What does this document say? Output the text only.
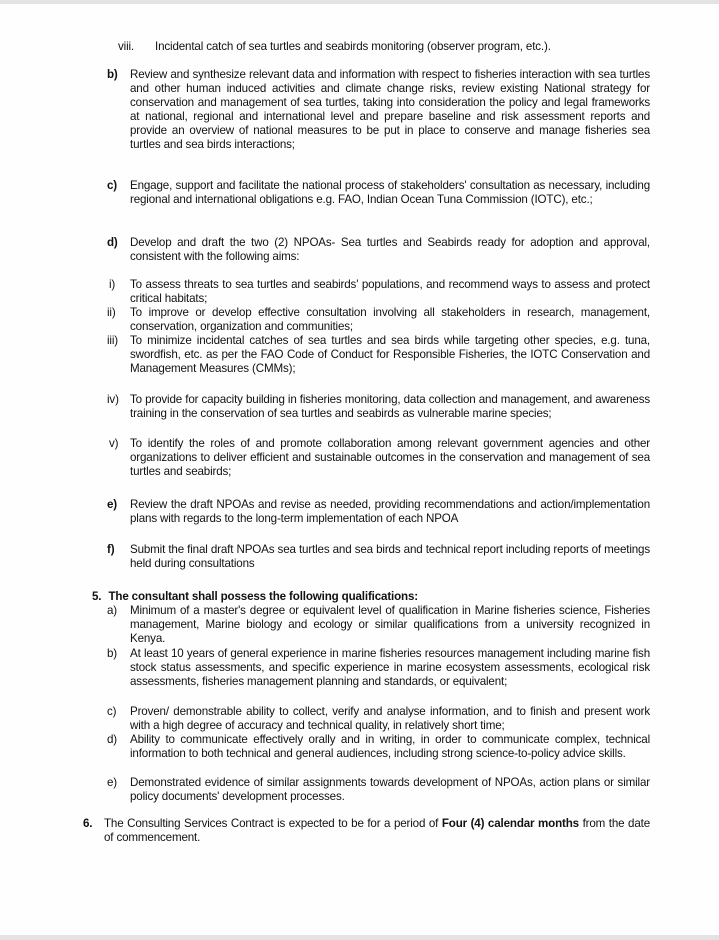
viii. Incidental catch of sea turtles and seabirds monitoring (observer program, etc.).
b) Review and synthesize relevant data and information with respect to fisheries interaction with sea turtles and other human induced activities and climate change risks, review existing National strategy for conservation and management of sea turtles, taking into consideration the policy and legal frameworks at national, regional and international level and prepare baseline and risk assessment reports and provide an overview of national measures to be put in place to conserve and manage fisheries sea turtles and sea birds interactions;
c) Engage, support and facilitate the national process of stakeholders' consultation as necessary, including regional and international obligations e.g. FAO, Indian Ocean Tuna Commission (IOTC), etc.;
d) Develop and draft the two (2) NPOAs- Sea turtles and Seabirds ready for adoption and approval, consistent with the following aims:
i) To assess threats to sea turtles and seabirds' populations, and recommend ways to assess and protect critical habitats;
ii) To improve or develop effective consultation involving all stakeholders in research, management, conservation, organization and communities;
iii) To minimize incidental catches of sea turtles and sea birds while targeting other species, e.g. tuna, swordfish, etc. as per the FAO Code of Conduct for Responsible Fisheries, the IOTC Conservation and Management Measures (CMMs);
iv) To provide for capacity building in fisheries monitoring, data collection and management, and awareness training in the conservation of sea turtles and seabirds as vulnerable marine species;
v) To identify the roles of and promote collaboration among relevant government agencies and other organizations to deliver efficient and sustainable outcomes in the conservation and management of sea turtles and seabirds;
e) Review the draft NPOAs and revise as needed, providing recommendations and action/implementation plans with regards to the long-term implementation of each NPOA
f) Submit the final draft NPOAs sea turtles and sea birds and technical report including reports of meetings held during consultations
5. The consultant shall possess the following qualifications:
a) Minimum of a master's degree or equivalent level of qualification in Marine fisheries science, Fisheries management, Marine biology and ecology or similar qualifications from a university recognized in Kenya.
b) At least 10 years of general experience in marine fisheries resources management including marine fish stock status assessments, and specific experience in marine ecosystem assessments, ecological risk assessments, fisheries management planning and standards, or equivalent;
c) Proven/ demonstrable ability to collect, verify and analyse information, and to finish and present work with a high degree of accuracy and technical quality, in relatively short time;
d) Ability to communicate effectively orally and in writing, in order to communicate complex, technical information to both technical and general audiences, including strong science-to-policy advice skills.
e) Demonstrated evidence of similar assignments towards development of NPOAs, action plans or similar policy documents' development processes.
6. The Consulting Services Contract is expected to be for a period of Four (4) calendar months from the date of commencement.
